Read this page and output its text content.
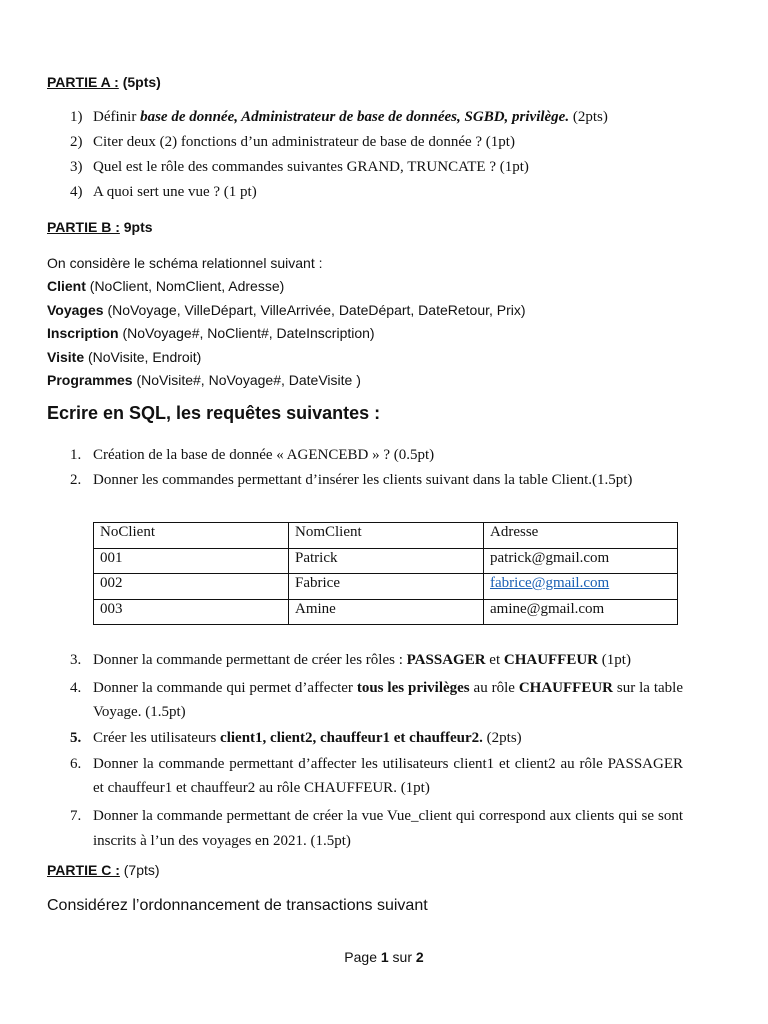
PARTIE A : (5pts)
1) Définir base de donnée, Administrateur de base de données, SGBD, privilège. (2pts)
2) Citer deux (2) fonctions d’un administrateur de base de donnée ? (1pt)
3) Quel est le rôle des commandes suivantes GRAND, TRUNCATE ? (1pt)
4) A quoi sert une vue ? (1 pt)
PARTIE B : 9pts
On considère le schéma relationnel suivant :
Client (NoClient, NomClient, Adresse)
Voyages (NoVoyage, VilleDépart, VilleArrivée, DateDépart, DateRetour, Prix)
Inscription (NoVoyage#, NoClient#, DateInscription)
Visite (NoVisite, Endroit)
Programmes (NoVisite#, NoVoyage#, DateVisite )
Ecrire en SQL, les requêtes suivantes :
1. Création de la base de donnée « AGENCEBD » ? (0.5pt)
2. Donner les commandes permettant d’insérer les clients suivant dans la table Client.(1.5pt)
NoClient	NomClient	Adresse
001	Patrick	patrick@gmail.com
002	Fabrice	fabrice@gmail.com
003	Amine	amine@gmail.com
3. Donner la commande permettant de créer les rôles : PASSAGER et CHAUFFEUR (1pt)
4. Donner la commande qui permet d’affecter tous les privilèges au rôle CHAUFFEUR sur la table Voyage. (1.5pt)
5. Créer les utilisateurs client1, client2, chauffeur1 et chauffeur2. (2pts)
6. Donner la commande permettant d’affecter les utilisateurs client1 et client2 au rôle PASSAGER et chauffeur1 et chauffeur2 au rôle CHAUFFEUR. (1pt)
7. Donner la commande permettant de créer la vue Vue_client qui correspond aux clients qui se sont inscrits à l’un des voyages en 2021. (1.5pt)
PARTIE C : (7pts)
Considérez l’ordonnancement de transactions suivant
Page 1 sur 2
